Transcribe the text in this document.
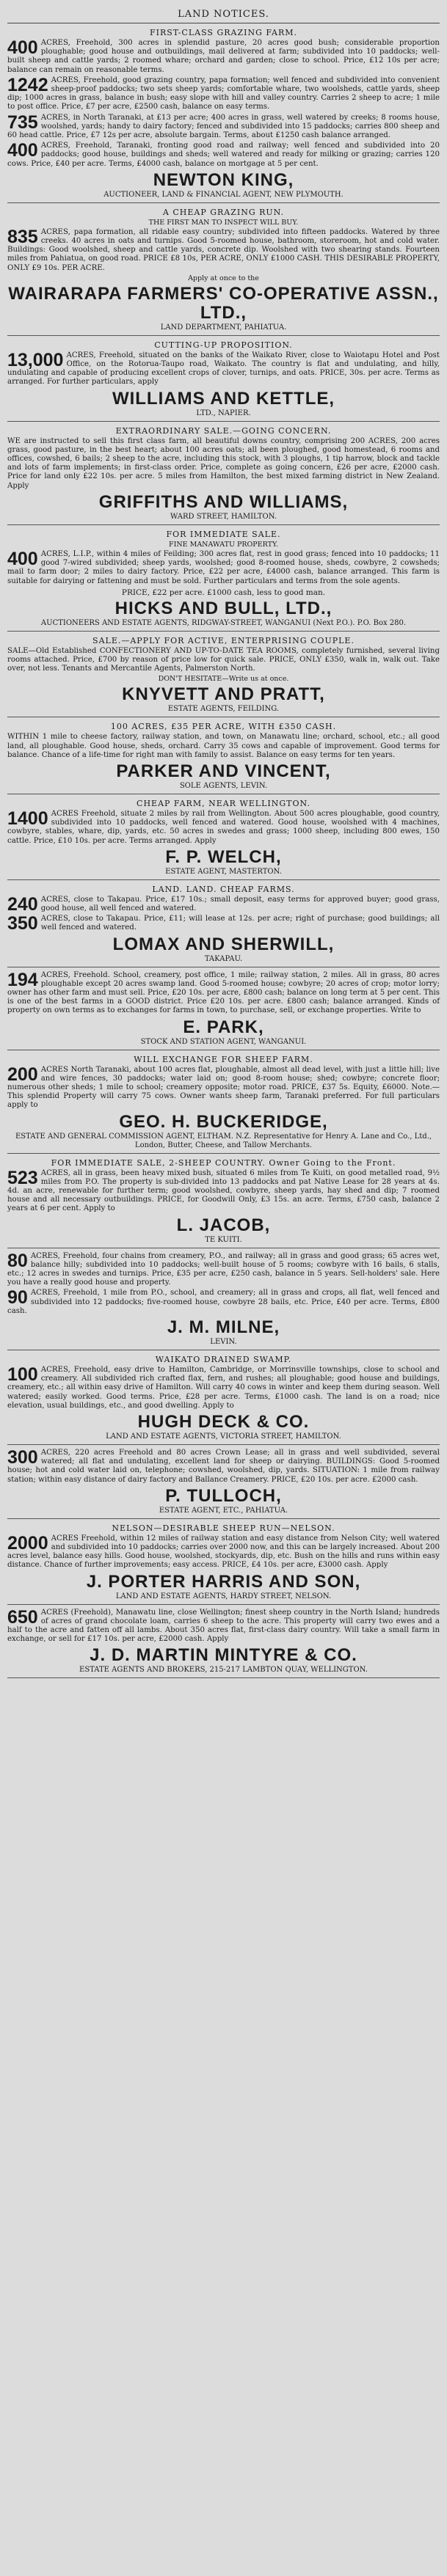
LAND NOTICES.
FIRST-CLASS GRAZING FARM.
400 ACRES, Freehold, 300 acres in splendid pasture, 20 acres good bush; considerable proportion ploughable; good house and outbuildings, mail delivered at farm; subdivided into 10 paddocks; well-built sheep and cattle yards; 2 roomed whare; orchard and garden; close to school. Price, £12 10s per acre; balance can remain on reasonable terms.
1242 ACRES, Freehold, good grazing country, papa formation; well fenced and subdivided into convenient sheep-proof paddocks; two sets sheep yards; comfortable whare, two woolsheds, cattle yards, sheep dip; 1000 acres in grass, balance in bush; easy slope with hill and valley country. Carries 2 sheep to acre; 1 mile to post office. Price, £7 per acre, £2500 cash, balance on easy terms.
735 ACRES, in North Taranaki, at £13 per acre; 400 acres in grass, well watered by creeks; 8 rooms house, woolshed, yards; handy to dairy factory; fenced and subdivided into 15 paddocks; carries 800 sheep and 60 head cattle. Price, £7 12s per acre, absolute bargain. Terms, about £1250 cash balance arranged.
400 ACRES, Freehold, Taranaki, fronting good road and railway; well fenced and subdivided into 20 paddocks; good house, buildings and sheds; well watered and ready for milking or grazing; carries 120 cows. Price, £40 per acre. Terms, £4000 cash, balance on mortgage at 5 per cent.
NEWTON KING,
AUCTIONEER, LAND & FINANCIAL AGENT, NEW PLYMOUTH.
A CHEAP GRAZING RUN.
THE FIRST MAN TO INSPECT WILL BUY.
835 ACRES, papa formation, all ridable easy country; subdivided into fifteen paddocks. Watered by three creeks. 40 acres in oats and turnips. Good 5-roomed house, bathroom, storeroom, hot and cold water. Buildings: Good woolshed, sheep and cattle yards, concrete dip. Woolshed with two shearing stands. Fourteen miles from Pahiatua, on good road. PRICE £8 10s, PER ACRE, ONLY £1000 CASH. THIS DESIRABLE PROPERTY, ONLY £9 10s. PER ACRE.
Apply at once to the
WAIRARAPA FARMERS' CO-OPERATIVE ASSN., LTD.,
LAND DEPARTMENT, PAHIATUA.
CUTTING-UP PROPOSITION.
13,000 ACRES, Freehold, situated on the banks of the Waikato River, close to Waiotapu Hotel and Post Office, on the Rotorua-Taupo road, Waikato. The country is flat and undulating, and hilly, undulating and capable of producing excellent crops of clover, turnips, and oats. PRICE, 30s. per acre. Terms as arranged. For further particulars, apply
WILLIAMS AND KETTLE,
LTD., NAPIER.
EXTRAORDINARY SALE.—GOING CONCERN.
WE are instructed to sell this first class farm, all beautiful downs country, comprising 200 ACRES, 200 acres grass, good pasture, in the best heart; about 100 acres oats; all been ploughed, good homestead, 6 rooms and offices, cowshed, 6 bails; 2 sheep to the acre, including this stock, with 3 ploughs, 1 tip harrow, block and tackle and lots of farm implements; in first-class order. Price, complete as going concern, £26 per acre, £2000 cash. Price for land only £22 10s. per acre. 5 miles from Hamilton, the best mixed farming district in New Zealand. Apply
GRIFFITHS AND WILLIAMS,
WARD STREET, HAMILTON.
FOR IMMEDIATE SALE.
FINE MANAWATU PROPERTY.
400 ACRES, L.I.P., within 4 miles of Feilding; 300 acres flat, rest in good grass; fenced into 10 paddocks; 11 good 7-wired subdivided; sheep yards, woolshed; good 8-roomed house, sheds, cowbyre, 2 cowsheds; mail to farm door; 2 miles to dairy factory. Price, £22 per acre, £4000 cash, balance arranged. This farm is suitable for dairying or fattening and must be sold. Further particulars and terms from the sole agents.
PRICE, £22 per acre. £1000 cash, less to good man.
HICKS AND BULL, LTD.,
AUCTIONEERS AND ESTATE AGENTS, RIDGWAY-STREET, WANGANUI (Next P.O.). P.O. Box 280.
SALE.—APPLY FOR ACTIVE, ENTERPRISING COUPLE.
SALE—Old Established CONFECTIONERY AND UP-TO-DATE TEA ROOMS, completely furnished, several living rooms attached. Price, £700 by reason of price low for quick sale. PRICE, ONLY £350, walk in, walk out. Take over, not less. Tenants and Mercantile Agents, Palmerston North.
DON'T HESITATE—Write us at once.
KNYVETT AND PRATT,
ESTATE AGENTS, FEILDING.
100 ACRES, £35 PER ACRE, WITH £350 CASH.
WITHIN 1 mile to cheese factory, railway station, and town, on Manawatu line; orchard, school, etc.; all good land, all ploughable. Good house, sheds, orchard. Carry 35 cows and capable of improvement. Good terms for balance. Chance of a life-time for right man with family to assist. Balance on easy terms for ten years.
PARKER AND VINCENT,
SOLE AGENTS, LEVIN.
CHEAP FARM, NEAR WELLINGTON.
1400 ACRES Freehold, situate 2 miles by rail from Wellington. About 500 acres ploughable, good country, subdivided into 10 paddocks, well fenced and watered. Good house, woolshed with 4 machines, cowbyre, stables, whare, dip, yards, etc. 50 acres in swedes and grass; 1000 sheep, including 800 ewes, 150 cattle. Price, £10 10s. per acre. Terms arranged. Apply
F. P. WELCH,
ESTATE AGENT, MASTERTON.
LAND. LAND. CHEAP FARMS.
240 ACRES, close to Takapau. Price, £17 10s.; small deposit, easy terms for approved buyer; good grass, good house, all well fenced and watered.
350 ACRES, close to Takapau. Price, £11; will lease at 12s. per acre; right of purchase; good buildings; all well fenced and watered.
LOMAX AND SHERWILL,
TAKAPAU.
194 ACRES, Freehold. School, creamery, post office, 1 mile; railway station, 2 miles. All in grass, 80 acres ploughable except 20 acres swamp land. Good 5-roomed house; cowbyre; 20 acres of crop; motor lorry; owner has other farm and must sell. Price, £20 10s. per acre, £800 cash; balance on long term at 5 per cent. This is one of the best farms in a GOOD district. Price £20 10s. per acre. £800 cash; balance arranged. Kinds of property on own terms as to exchanges for farms in town, to purchase, sell, or exchange properties. Write to
E. PARK,
STOCK AND STATION AGENT, WANGANUI.
WILL EXCHANGE FOR SHEEP FARM.
200 ACRES North Taranaki, about 100 acres flat, ploughable, almost all dead level, with just a little hill; live and wire fences, 30 paddocks; water laid on; good 8-room house; shed; cowbyre; concrete floor; numerous other sheds; 1 mile to school; creamery opposite; motor road. PRICE, £37 5s. Equity, £6000. Note.—This splendid Property will carry 75 cows. Owner wants sheep farm, Taranaki preferred. For full particulars apply to
GEO. H. BUCKERIDGE,
ESTATE AND GENERAL COMMISSION AGENT, ELTHAM. N.Z. Representative for Henry A. Lane and Co., Ltd., London, Butter, Cheese, and Tallow Merchants.
FOR IMMEDIATE SALE, 2-SHEEP COUNTRY. Owner Going to the Front.
523 ACRES, all in grass, been heavy mixed bush, situated 6 miles from Te Kuiti, on good metalled road, 9½ miles from P.O. The property is sub-divided into 13 paddocks and pat Native Lease for 28 years at 4s. 4d. an acre, renewable for further term; good woolshed, cowbyre, sheep yards, hay shed and dip; 7 roomed house and all necessary outbuildings. PRICE, for Goodwill Only, £3 15s. an acre. Terms, £750 cash, balance 2 years at 6 per cent. Apply to
L. JACOB,
TE KUITI.
80 ACRES, Freehold, four chains from creamery, P.O., and railway; all in grass and good grass; 65 acres wet, balance hilly; subdivided into 10 paddocks; well-built house of 5 rooms; cowbyre with 16 bails, 6 stalls, etc.; 12 acres in swedes and turnips. Price, £35 per acre, £250 cash, balance in 5 years. Sell-holders' sale. Here you have a really good house and property.
90 ACRES, Freehold, 1 mile from P.O., school, and creamery; all in grass and crops, all flat, well fenced and subdivided into 12 paddocks; five-roomed house, cowbyre 28 bails, etc. Price, £40 per acre. Terms, £800 cash.
J. M. MILNE,
LEVIN.
WAIKATO DRAINED SWAMP.
100 ACRES, Freehold, easy drive to Hamilton, Cambridge, or Morrinsville townships, close to school and creamery. All subdivided rich crafted flax, fern, and rushes; all ploughable; good house and buildings, creamery, etc.; all within easy drive of Hamilton. Will carry 40 cows in winter and keep them during season. Well watered; easily worked. Good terms. Price, £28 per acre. Terms, £1000 cash. The land is on a road; nice elevation, usual buildings, etc., and good dwelling. Apply to
HUGH DECK & CO.
LAND AND ESTATE AGENTS, VICTORIA STREET, HAMILTON.
300 ACRES, 220 acres Freehold and 80 acres Crown Lease; all in grass and well subdivided, several watered; all flat and undulating, excellent land for sheep or dairying. BUILDINGS: Good 5-roomed house; hot and cold water laid on, telephone; cowshed, woolshed, dip, yards. SITUATION: 1 mile from railway station; within easy distance of dairy factory and Ballance Creamery. PRICE, £20 10s. per acre. £2000 cash.
P. TULLOCH,
ESTATE AGENT, ETC., PAHIATUA.
NELSON—DESIRABLE SHEEP RUN—NELSON.
2000 ACRES Freehold, within 12 miles of railway station and easy distance from Nelson City; well watered and subdivided into 10 paddocks; carries over 2000 now, and this can be largely increased. About 200 acres level, balance easy hills. Good house, woolshed, stockyards, dip, etc. Bush on the hills and runs within easy distance. Chance of further improvements; easy access. PRICE, £4 10s. per acre, £3000 cash. Apply
J. PORTER HARRIS AND SON,
LAND AND ESTATE AGENTS, HARDY STREET, NELSON.
650 ACRES (Freehold), Manawatu line, close Wellington; finest sheep country in the North Island; hundreds of acres of grand chocolate loam, carries 6 sheep to the acre. This property will carry two ewes and a half to the acre and fatten off all lambs. About 350 acres flat, first-class dairy country. Will take a small farm in exchange, or sell for £17 10s. per acre, £2000 cash. Apply
J. D. MARTIN MINTYRE & CO.
ESTATE AGENTS AND BROKERS, 215-217 LAMBTON QUAY, WELLINGTON.
